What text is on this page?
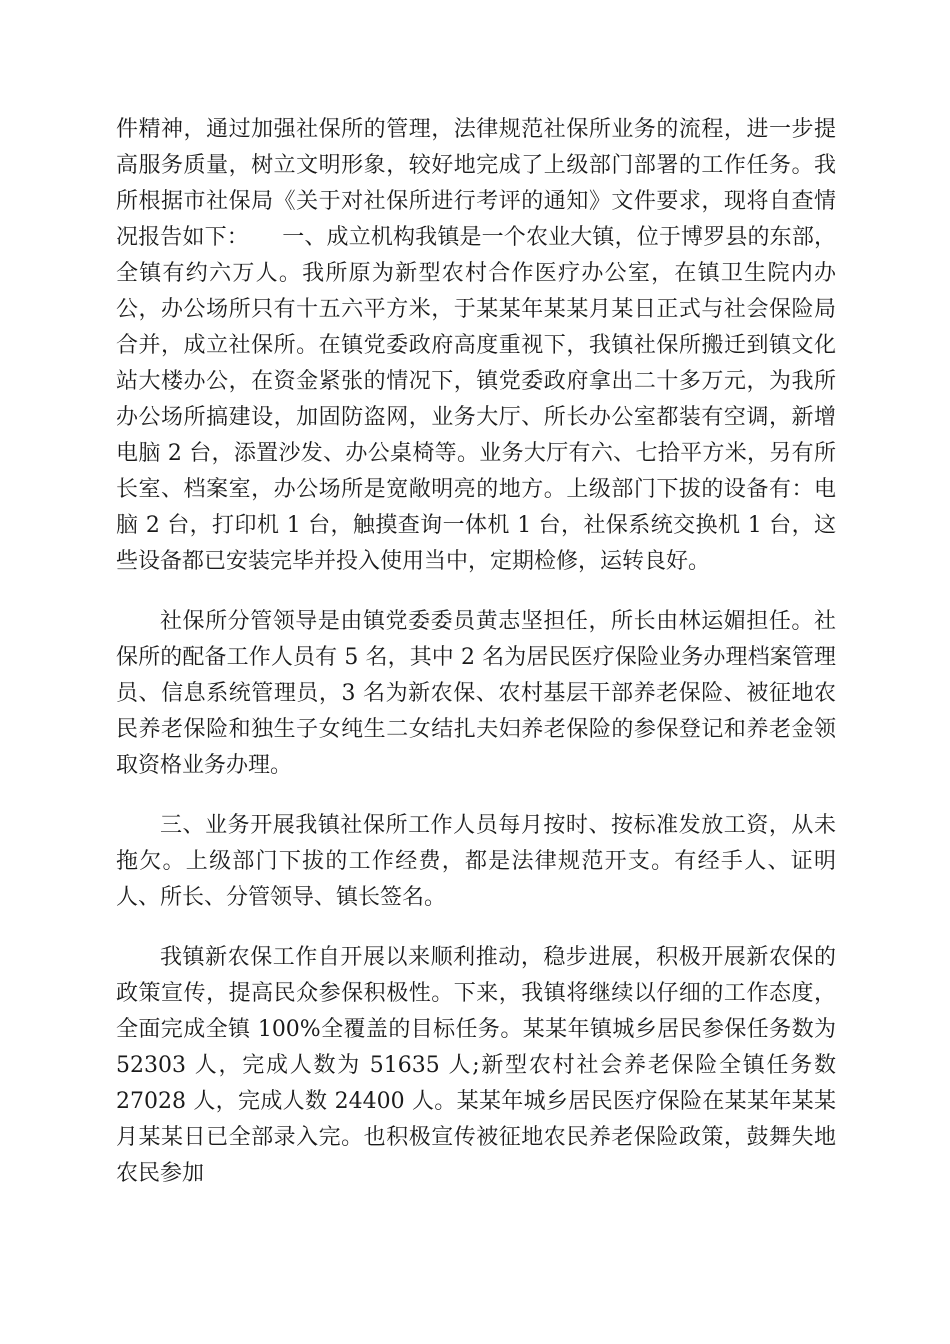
件精神，通过加强社保所的管理，法律规范社保所业务的流程，进一步提高服务质量，树立文明形象，较好地完成了上级部门部署的工作任务。我所根据市社保局《关于对社保所进行考评的通知》文件要求，现将自查情况报告如下：　　一、成立机构我镇是一个农业大镇，位于博罗县的东部，全镇有约六万人。我所原为新型农村合作医疗办公室，在镇卫生院内办公，办公场所只有十五六平方米，于某某年某某月某日正式与社会保险局合并，成立社保所。在镇党委政府高度重视下，我镇社保所搬迁到镇文化站大楼办公，在资金紧张的情况下，镇党委政府拿出二十多万元，为我所办公场所搞建设，加固防盗网，业务大厅、所长办公室都装有空调，新增电脑 2 台，添置沙发、办公桌椅等。业务大厅有六、七拾平方米，另有所长室、档案室，办公场所是宽敞明亮的地方。上级部门下拔的设备有：电脑 2 台，打印机 1 台，触摸查询一体机 1 台，社保系统交换机 1 台，这些设备都已安装完毕并投入使用当中，定期检修，运转良好。

社保所分管领导是由镇党委委员黄志坚担任，所长由林运媚担任。社保所的配备工作人员有 5 名，其中 2 名为居民医疗保险业务办理档案管理员、信息系统管理员，3 名为新农保、农村基层干部养老保险、被征地农民养老保险和独生子女纯生二女结扎夫妇养老保险的参保登记和养老金领取资格业务办理。

三、业务开展我镇社保所工作人员每月按时、按标准发放工资，从未拖欠。上级部门下拔的工作经费，都是法律规范开支。有经手人、证明人、所长、分管领导、镇长签名。

我镇新农保工作自开展以来顺利推动，稳步进展，积极开展新农保的政策宣传，提高民众参保积极性。下来，我镇将继续以仔细的工作态度，全面完成全镇 100%全覆盖的目标任务。某某年镇城乡居民参保任务数为 52303 人，完成人数为 51635 人;新型农村社会养老保险全镇任务数 27028 人，完成人数 24400 人。某某年城乡居民医疗保险在某某年某某月某某日已全部录入完。也积极宣传被征地农民养老保险政策，鼓舞失地农民参加
